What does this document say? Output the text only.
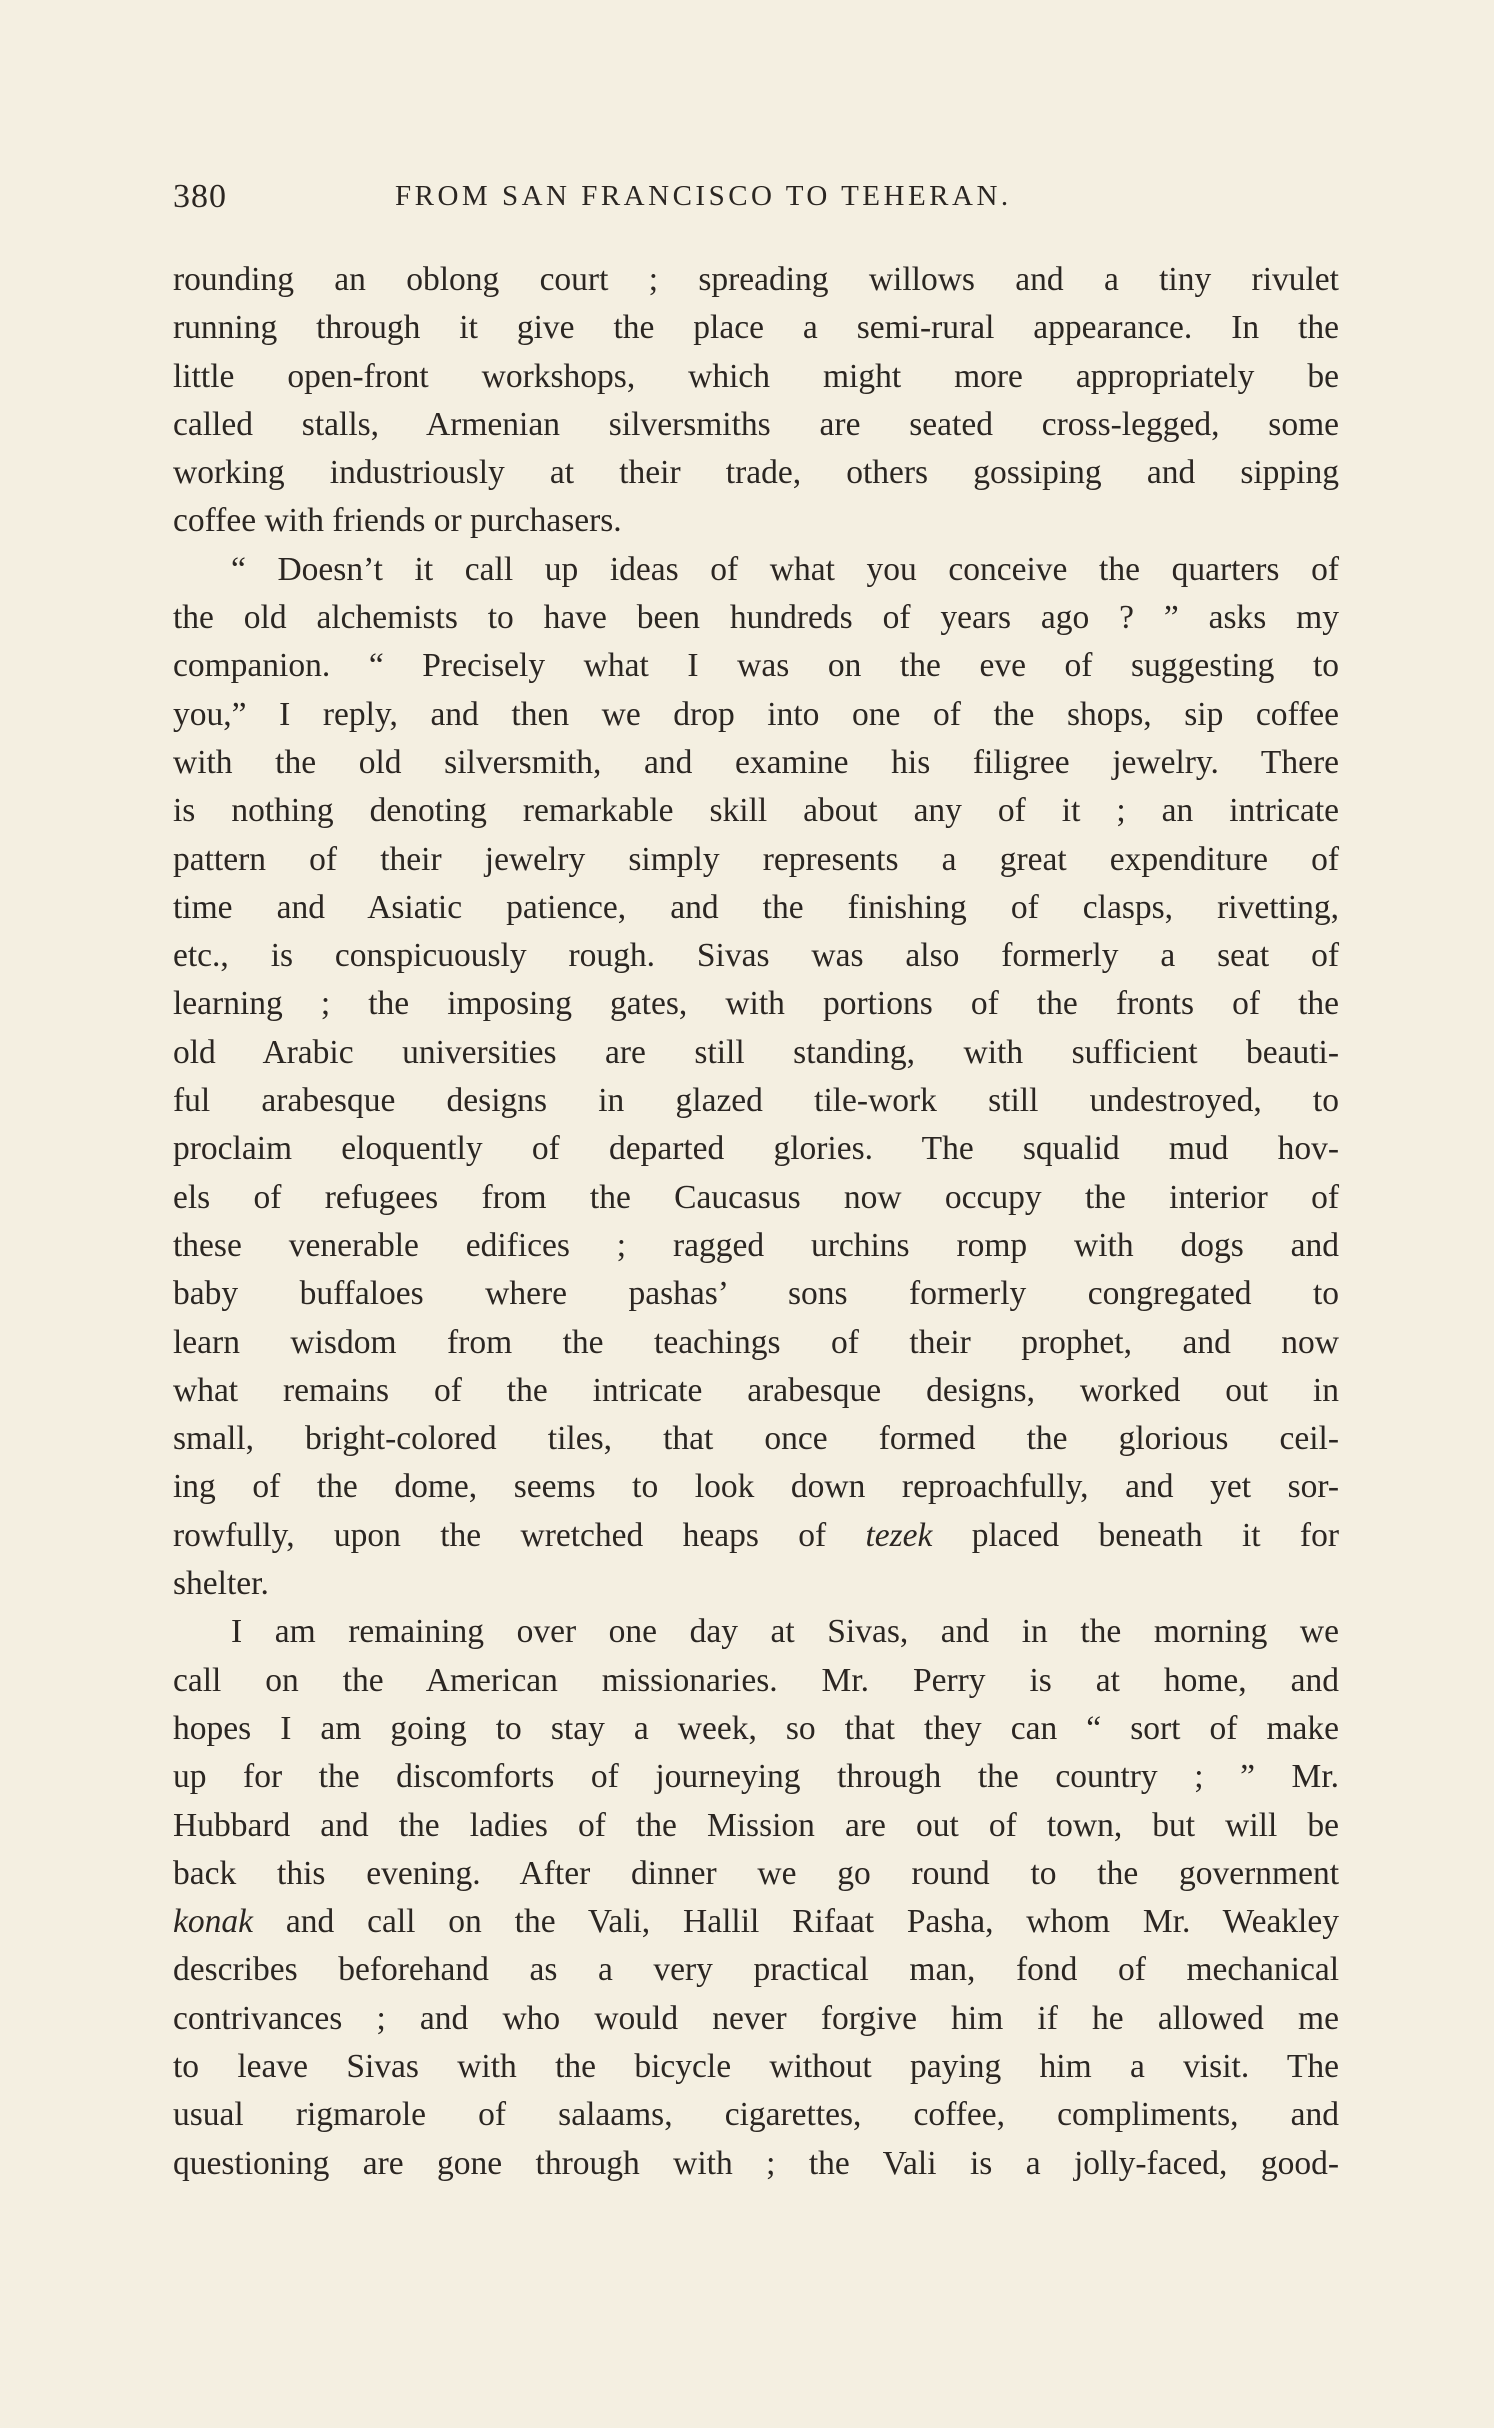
380	FROM SAN FRANCISCO TO TEHERAN.
rounding an oblong court ; spreading willows and a tiny rivulet
running through it give the place a semi-rural appearance. In the
little open-front workshops, which might more appropriately be
called stalls, Armenian silversmiths are seated cross-legged, some
working industriously at their trade, others gossiping and sipping
coffee with friends or purchasers.
“ Doesn’t it call up ideas of what you conceive the quarters of
the old alchemists to have been hundreds of years ago ? ” asks my
companion. “ Precisely what I was on the eve of suggesting to
you,” I reply, and then we drop into one of the shops, sip coffee
with the old silversmith, and examine his filigree jewelry. There
is nothing denoting remarkable skill about any of it ; an intricate
pattern of their jewelry simply represents a great expenditure of
time and Asiatic patience, and the finishing of clasps, rivetting,
etc., is conspicuously rough. Sivas was also formerly a seat of
learning ; the imposing gates, with portions of the fronts of the
old Arabic universities are still standing, with sufficient beauti-
ful arabesque designs in glazed tile-work still undestroyed, to
proclaim eloquently of departed glories. The squalid mud hov-
els of refugees from the Caucasus now occupy the interior of
these venerable edifices ; ragged urchins romp with dogs and
baby buffaloes where pashas’ sons formerly congregated to
learn wisdom from the teachings of their prophet, and now
what remains of the intricate arabesque designs, worked out in
small, bright-colored tiles, that once formed the glorious ceil-
ing of the dome, seems to look down reproachfully, and yet sor-
rowfully, upon the wretched heaps of tezek placed beneath it for
shelter.
I am remaining over one day at Sivas, and in the morning we
call on the American missionaries. Mr. Perry is at home, and
hopes I am going to stay a week, so that they can “ sort of make
up for the discomforts of journeying through the country ; ” Mr.
Hubbard and the ladies of the Mission are out of town, but will be
back this evening. After dinner we go round to the government
konak and call on the Vali, Hallil Rifaat Pasha, whom Mr. Weakley
describes beforehand as a very practical man, fond of mechanical
contrivances ; and who would never forgive him if he allowed me
to leave Sivas with the bicycle without paying him a visit. The
usual rigmarole of salaams, cigarettes, coffee, compliments, and
questioning are gone through with ; the Vali is a jolly-faced, good-
